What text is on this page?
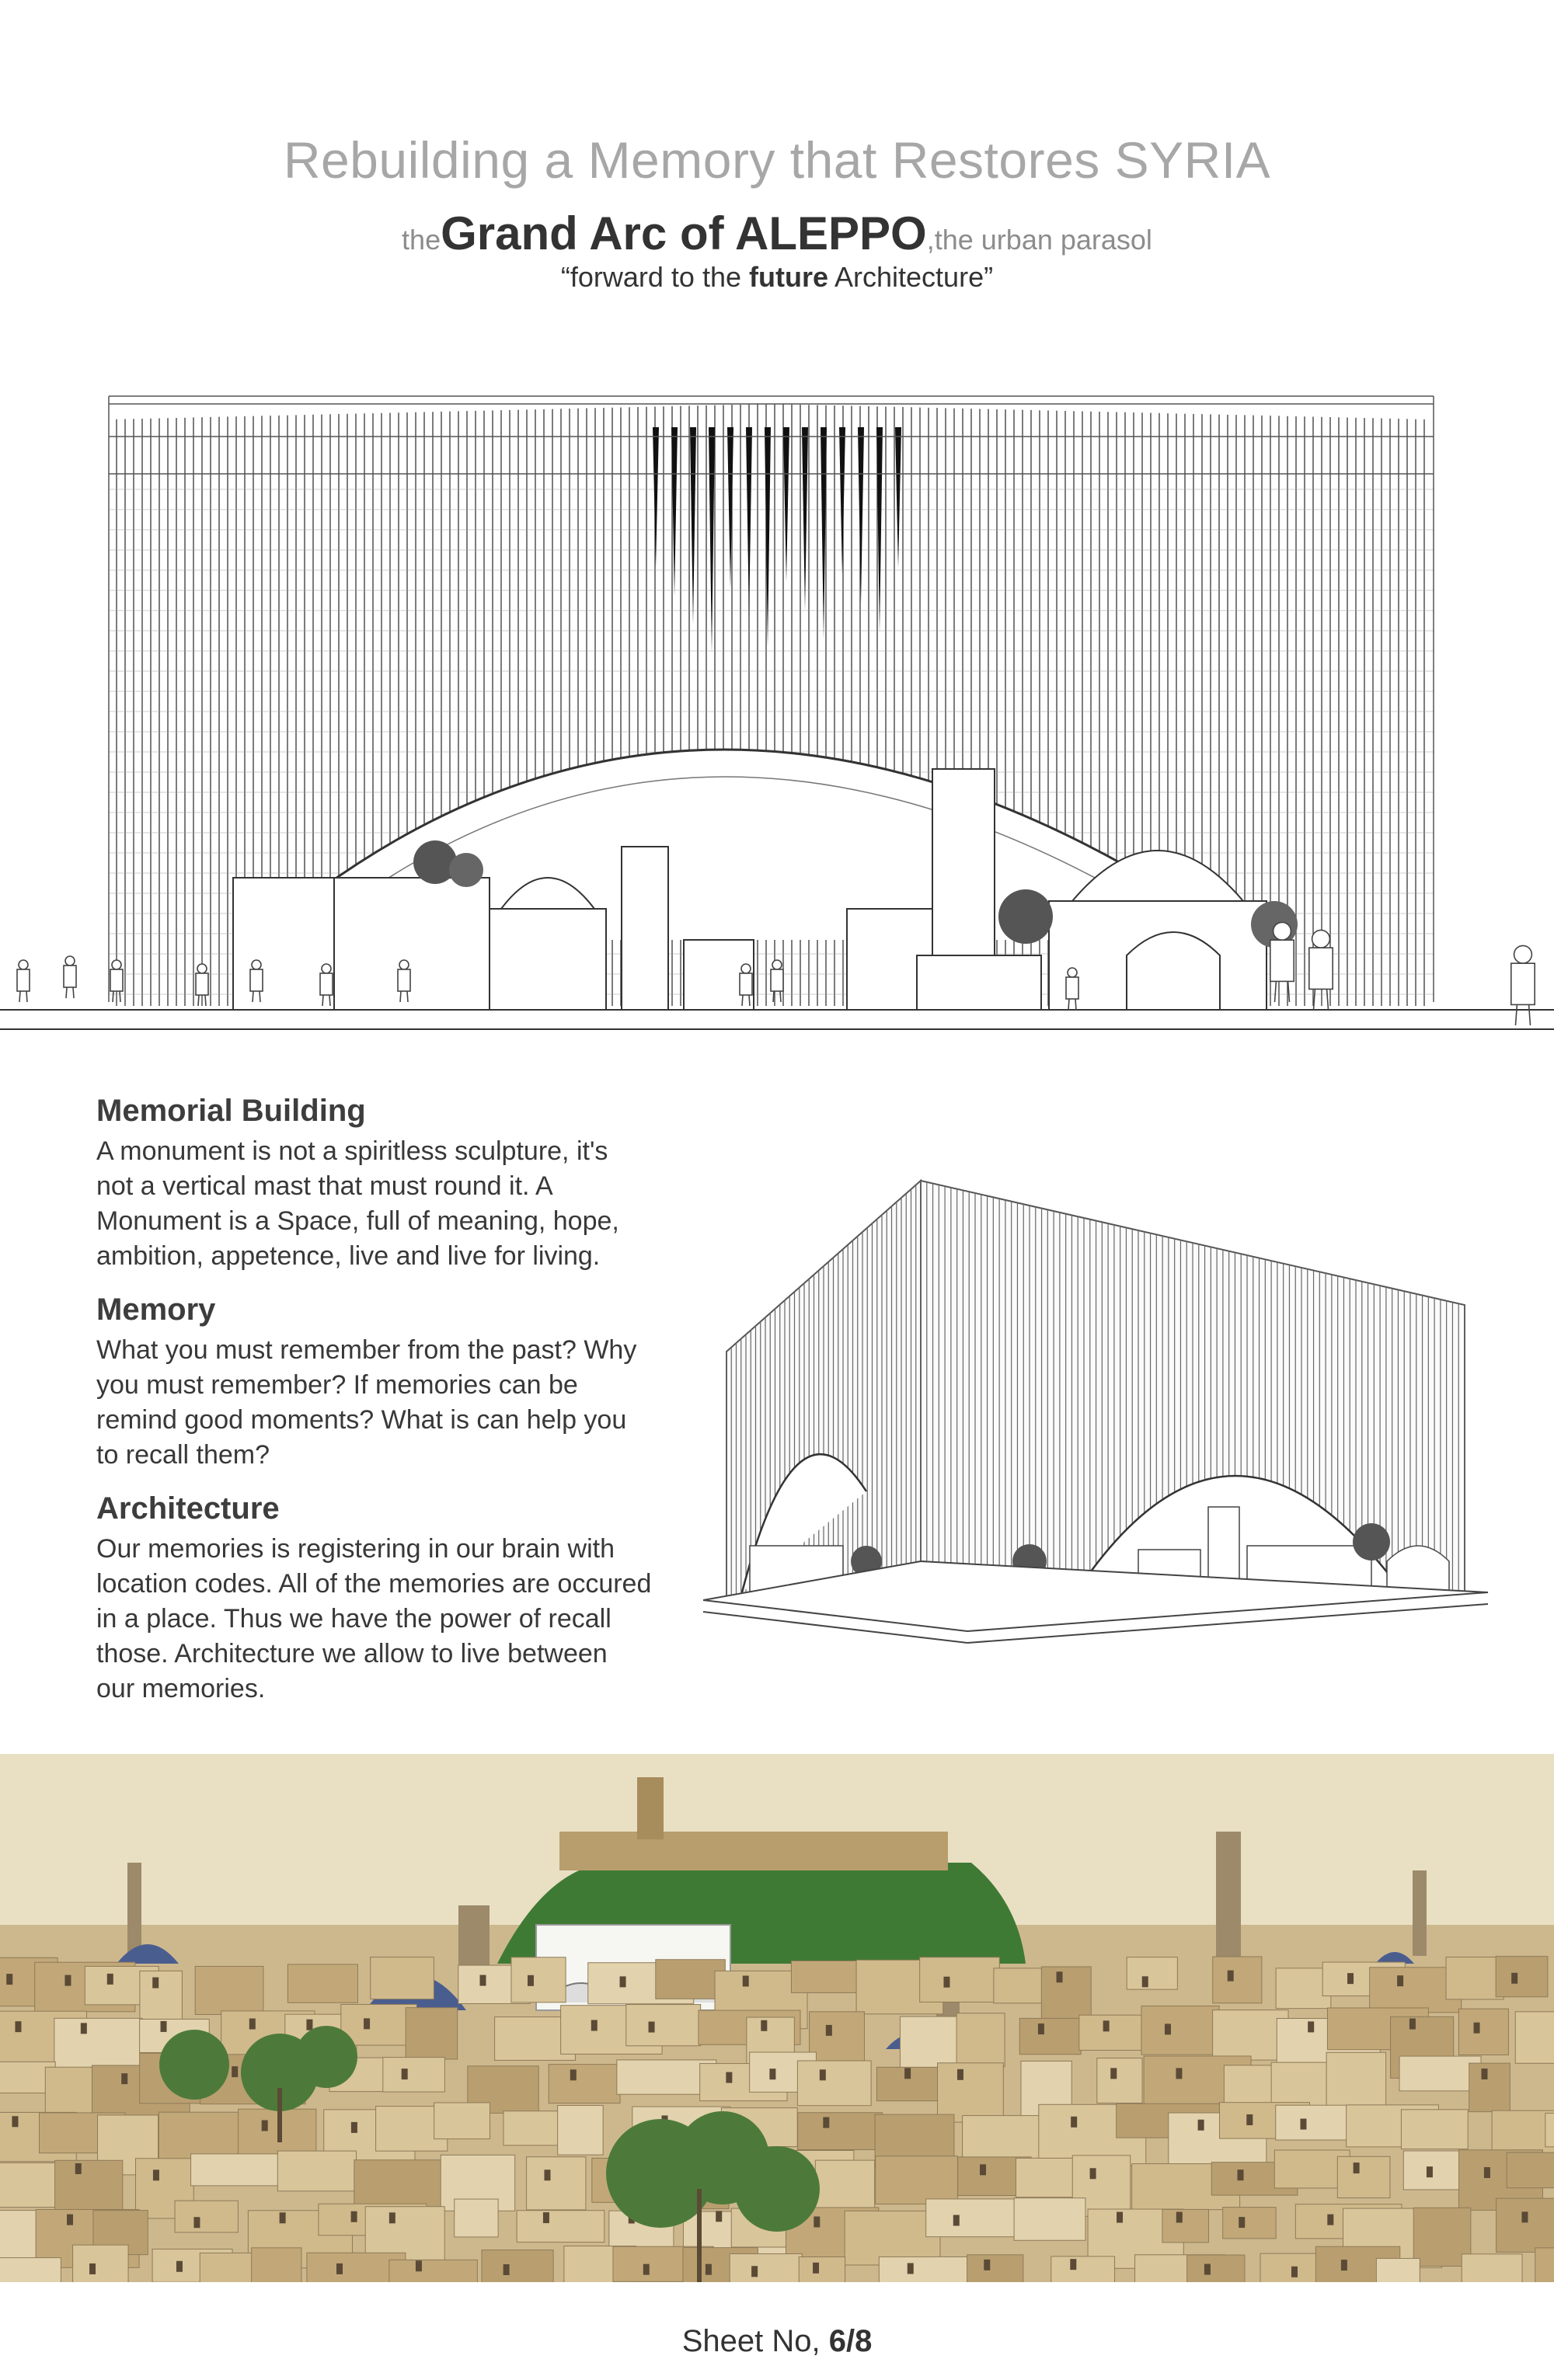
Rebuilding a Memory that Restores SYRIA
theGrand Arc of ALEPPO,the urban parasol
“forward to the future Architecture”

Memorial Building

A monument is not a spiritless sculpture, it's not a vertical mast that must round it. A Monument is a Space, full of meaning, hope, ambition, appetence, live and live for living.

Memory

What you must remember from the past? Why you must remember? If memories can be remind good moments? What is can help you to recall them?

Architecture

Our memories is registering in our brain with location codes. All of the memories are occured in a place. Thus we have the power of recall those. Architecture we allow to live between our memories.

Sheet No, 6/8
